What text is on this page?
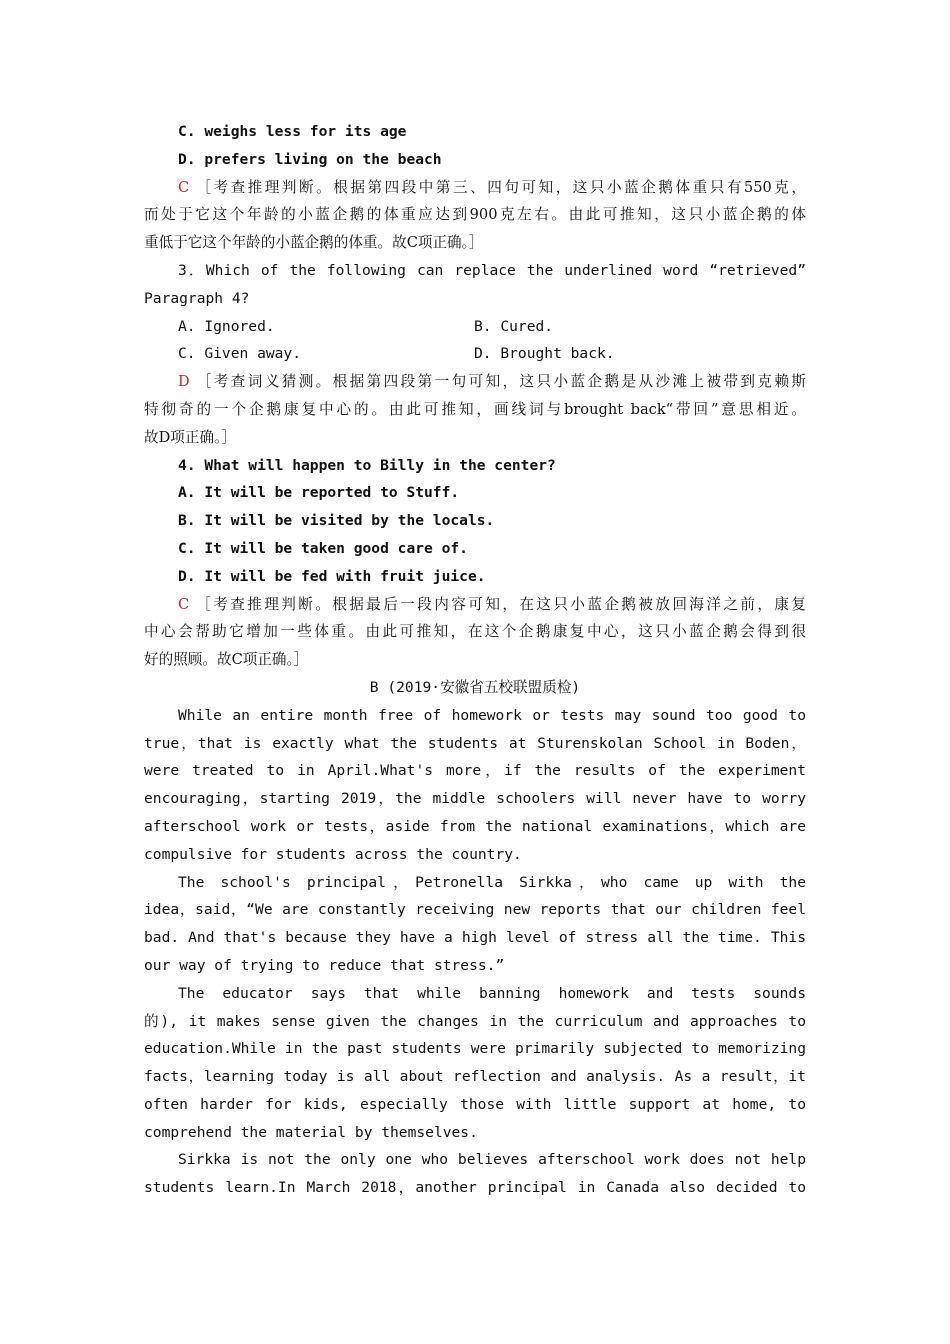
C. weighs less for its age
D. prefers living on the beach
C ［考查推理判断。根据第四段中第三、四句可知，这只小蓝企鹅体重只有550克，
而处于它这个年龄的小蓝企鹅的体重应达到900克左右。由此可推知，这只小蓝企鹅的体
重低于它这个年龄的小蓝企鹅的体重。故C项正确。］
3．Which of the following can replace the underlined word “retrieved”
Paragraph 4?
A. Ignored.	B. Cured.
C. Given away.	D. Brought back.
D ［考查词义猜测。根据第四段第一句可知，这只小蓝企鹅是从沙滩上被带到克赖斯
特彻奇的一个企鹅康复中心的。由此可推知，画线词与brought back“带回”意思相近。
故D项正确。］
4. What will happen to Billy in the center?
A. It will be reported to Stuff.
B. It will be visited by the locals.
C. It will be taken good care of.
D. It will be fed with fruit juice.
C ［考查推理判断。根据最后一段内容可知，在这只小蓝企鹅被放回海洋之前，康复
中心会帮助它增加一些体重。由此可推知，在这个企鹅康复中心，这只小蓝企鹅会得到很
好的照顾。故C项正确。］
B (2019·安徽省五校联盟质检)
While an entire month free of homework or tests may sound too good to
true，that is exactly what the students at Sturenskolan School in Boden，
were treated to in April.What's more，if the results of the experiment
encouraging，starting 2019，the middle schoolers will never have to worry
afterschool work or tests，aside from the national examinations，which are
compulsive for students across the country.
The school's principal，Petronella Sirkka，who came up with the
idea，said，“We are constantly receiving new reports that our children feel
bad. And that's because they have a high level of stress all the time. This
our way of trying to reduce that stress.”
The educator says that while banning homework and tests sounds
的), it makes sense given the changes in the curriculum and approaches to
education.While in the past students were primarily subjected to memorizing
facts，learning today is all about reflection and analysis. As a result，it
often harder for kids, especially those with little support at home, to
comprehend the material by themselves.
Sirkka is not the only one who believes afterschool work does not help
students learn.In March 2018，another principal in Canada also decided to
